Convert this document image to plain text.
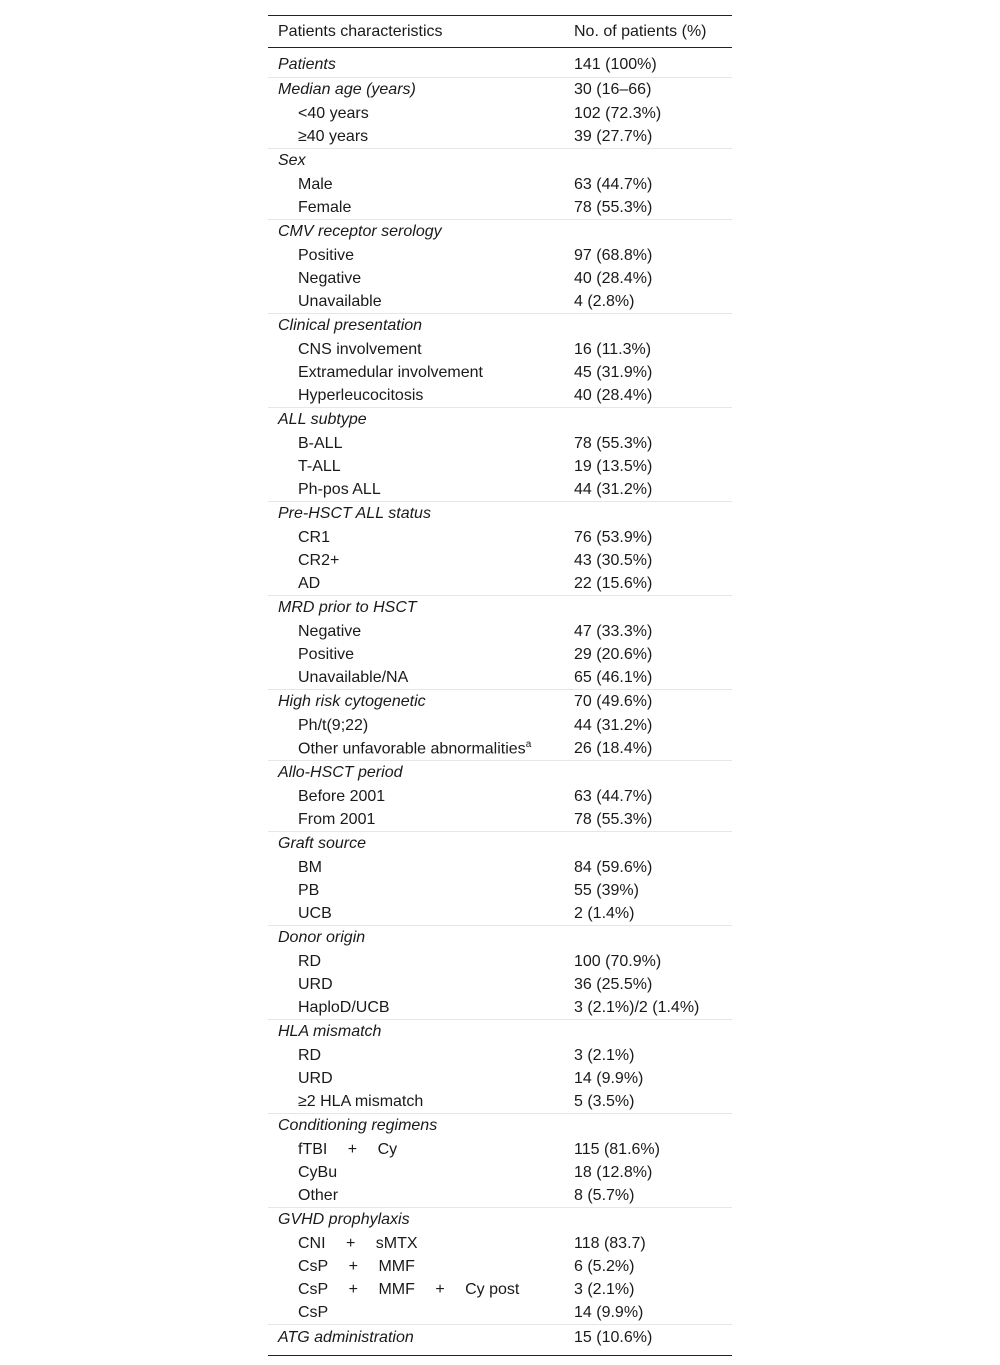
Patients characteristics	No. of patients (%)
Patients	141 (100%)
Median age (years)	30 (16–66)
<40 years	102 (72.3%)
≥40 years	39 (27.7%)
Sex	
Male	63 (44.7%)
Female	78 (55.3%)
CMV receptor serology	
Positive	97 (68.8%)
Negative	40 (28.4%)
Unavailable	4 (2.8%)
Clinical presentation	
CNS involvement	16 (11.3%)
Extramedular involvement	45 (31.9%)
Hyperleucocitosis	40 (28.4%)
ALL subtype	
B-ALL	78 (55.3%)
T-ALL	19 (13.5%)
Ph-pos ALL	44 (31.2%)
Pre-HSCT ALL status	
CR1	76 (53.9%)
CR2+	43 (30.5%)
AD	22 (15.6%)
MRD prior to HSCT	
Negative	47 (33.3%)
Positive	29 (20.6%)
Unavailable/NA	65 (46.1%)
High risk cytogenetic	70 (49.6%)
Ph/t(9;22)	44 (31.2%)
Other unfavorable abnormalities$^a$	26 (18.4%)
Allo-HSCT period	
Before 2001	63 (44.7%)
From 2001	78 (55.3%)
Graft source	
BM	84 (59.6%)
PB	55 (39%)
UCB	2 (1.4%)
Donor origin	
RD	100 (70.9%)
URD	36 (25.5%)
HaploD/UCB	3 (2.1%)/2 (1.4%)
HLA mismatch	
RD	3 (2.1%)
URD	14 (9.9%)
≥2 HLA mismatch	5 (3.5%)
Conditioning regimens	
fTBI  +  Cy	115 (81.6%)
CyBu	18 (12.8%)
Other	8 (5.7%)
GVHD prophylaxis	
CNI  +  sMTX	118 (83.7)
CsP  +  MMF	6 (5.2%)
CsP  +  MMF  +  Cy post	3 (2.1%)
CsP	14 (9.9%)
ATG administration	15 (10.6%)
